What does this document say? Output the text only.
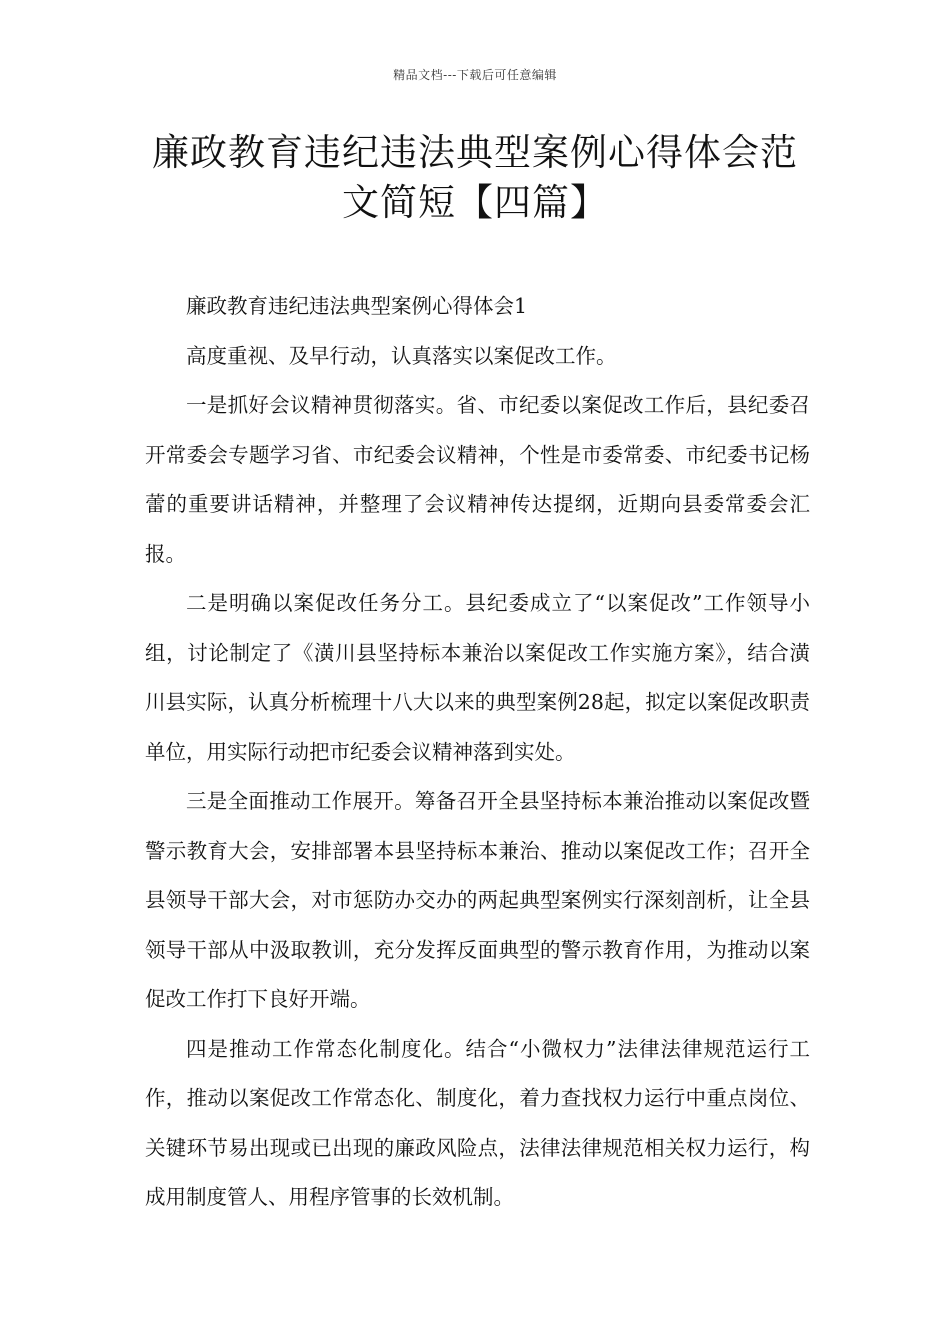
精品文档---下载后可任意编辑
廉政教育违纪违法典型案例心得体会范
文简短【四篇】

廉政教育违纪违法典型案例心得体会1

高度重视、及早行动，认真落实以案促改工作。

一是抓好会议精神贯彻落实。省、市纪委以案促改工作后，县纪委召开常委会专题学习省、市纪委会议精神，个性是市委常委、市纪委书记杨蕾的重要讲话精神，并整理了会议精神传达提纲，近期向县委常委会汇报。

二是明确以案促改任务分工。县纪委成立了“以案促改”工作领导小组，讨论制定了《潢川县坚持标本兼治以案促改工作实施方案》，结合潢川县实际，认真分析梳理十八大以来的典型案例28起，拟定以案促改职责单位，用实际行动把市纪委会议精神落到实处。

三是全面推动工作展开。筹备召开全县坚持标本兼治推动以案促改暨警示教育大会，安排部署本县坚持标本兼治、推动以案促改工作；召开全县领导干部大会，对市惩防办交办的两起典型案例实行深刻剖析，让全县领导干部从中汲取教训，充分发挥反面典型的警示教育作用，为推动以案促改工作打下良好开端。

四是推动工作常态化制度化。结合“小微权力”法律法律规范运行工作，推动以案促改工作常态化、制度化，着力查找权力运行中重点岗位、关键环节易出现或已出现的廉政风险点，法律法律规范相关权力运行，构成用制度管人、用程序管事的长效机制。
